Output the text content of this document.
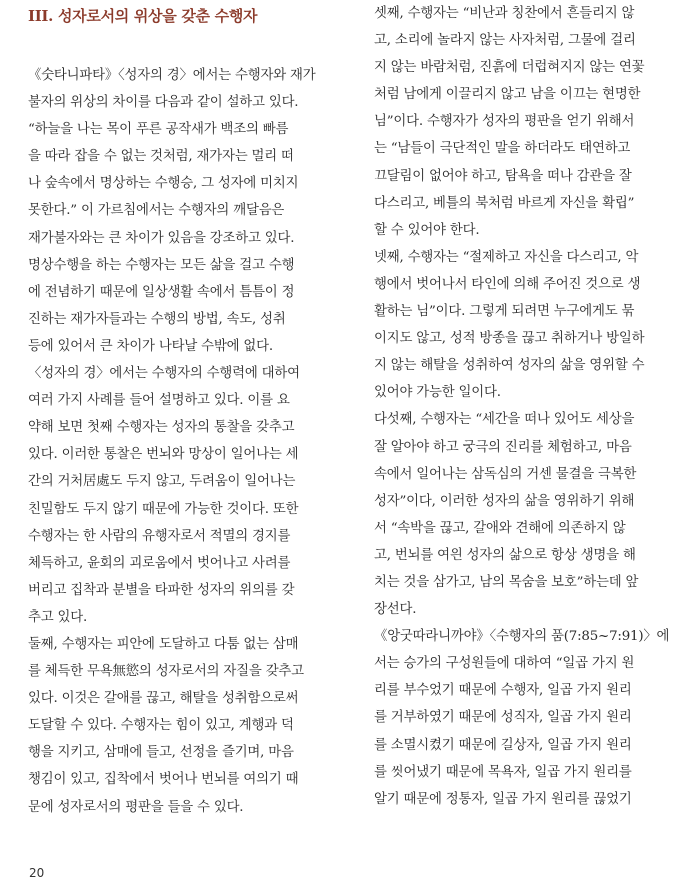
III. 성자로서의 위상을 갖춘 수행자
《숫타니파타》〈성자의 경〉에서는 수행자와 재가
불자의 위상의 차이를 다음과 같이 설하고 있다.
“하늘을 나는 목이 푸른 공작새가 백조의 빠름
을 따라 잡을 수 없는 것처럼, 재가자는 멀리 떠
나 숲속에서 명상하는 수행승, 그 성자에 미치지
못한다.” 이 가르침에서는 수행자의 깨달음은
재가불자와는 큰 차이가 있음을 강조하고 있다.
명상수행을 하는 수행자는 모든 삶을 걸고 수행
에 전념하기 때문에 일상생활 속에서 틈틈이 정
진하는 재가자들과는 수행의 방법, 속도, 성취
등에 있어서 큰 차이가 나타날 수밖에 없다.
〈성자의 경〉에서는 수행자의 수행력에 대하여
여러 가지 사례를 들어 설명하고 있다. 이를 요
약해 보면 첫째 수행자는 성자의 통찰을 갖추고
있다. 이러한 통찰은 번뇌와 망상이 일어나는 세
간의 거처居處도 두지 않고, 두려움이 일어나는
친밀함도 두지 않기 때문에 가능한 것이다. 또한
수행자는 한 사람의 유행자로서 적멸의 경지를
체득하고, 윤회의 괴로움에서 벗어나고 사려를
버리고 집착과 분별을 타파한 성자의 위의를 갖
추고 있다.
둘째, 수행자는 피안에 도달하고 다툼 없는 삼매
를 체득한 무욕無慾의 성자로서의 자질을 갖추고
있다. 이것은 갈애를 끊고, 해탈을 성취함으로써
도달할 수 있다. 수행자는 힘이 있고, 계행과 덕
행을 지키고, 삼매에 들고, 선정을 즐기며, 마음
챙김이 있고, 집착에서 벗어나 번뇌를 여의기 때
문에 성자로서의 평판을 들을 수 있다.
셋째, 수행자는 “비난과 칭찬에서 흔들리지 않
고, 소리에 놀라지 않는 사자처럼, 그물에 걸리
지 않는 바람처럼, 진흙에 더럽혀지지 않는 연꽃
처럼 남에게 이끌리지 않고 남을 이끄는 현명한
님”이다. 수행자가 성자의 평판을 얻기 위해서
는 “남들이 극단적인 말을 하더라도 태연하고
끄달림이 없어야 하고, 탐욕을 떠나 감관을 잘
다스리고, 베틀의 북처럼 바르게 자신을 확립”
할 수 있어야 한다.
넷째, 수행자는 “절제하고 자신을 다스리고, 악
행에서 벗어나서 타인에 의해 주어진 것으로 생
활하는 님”이다. 그렇게 되려면 누구에게도 묶
이지도 않고, 성적 방종을 끊고 취하거나 방일하
지 않는 해탈을 성취하여 성자의 삶을 영위할 수
있어야 가능한 일이다.
다섯째, 수행자는 “세간을 떠나 있어도 세상을
잘 알아야 하고 궁극의 진리를 체험하고, 마음
속에서 일어나는 삼독심의 거센 물결을 극복한
성자”이다, 이러한 성자의 삶을 영위하기 위해
서 “속박을 끊고, 갈애와 견해에 의존하지 않
고, 번뇌를 여읜 성자의 삶으로 항상 생명을 해
치는 것을 삼가고, 남의 목숨을 보호”하는데 앞
장선다.
《앙굿따라니까야》〈수행자의 품(7:85~7:91)〉에
서는 승가의 구성원들에 대하여 “일곱 가지 원
리를 부수었기 때문에 수행자, 일곱 가지 원리
를 거부하였기 때문에 성직자, 일곱 가지 원리
를 소멸시켰기 때문에 길상자, 일곱 가지 원리
를 씻어냈기 때문에 목욕자, 일곱 가지 원리를
알기 때문에 정통자, 일곱 가지 원리를 끊었기
20
